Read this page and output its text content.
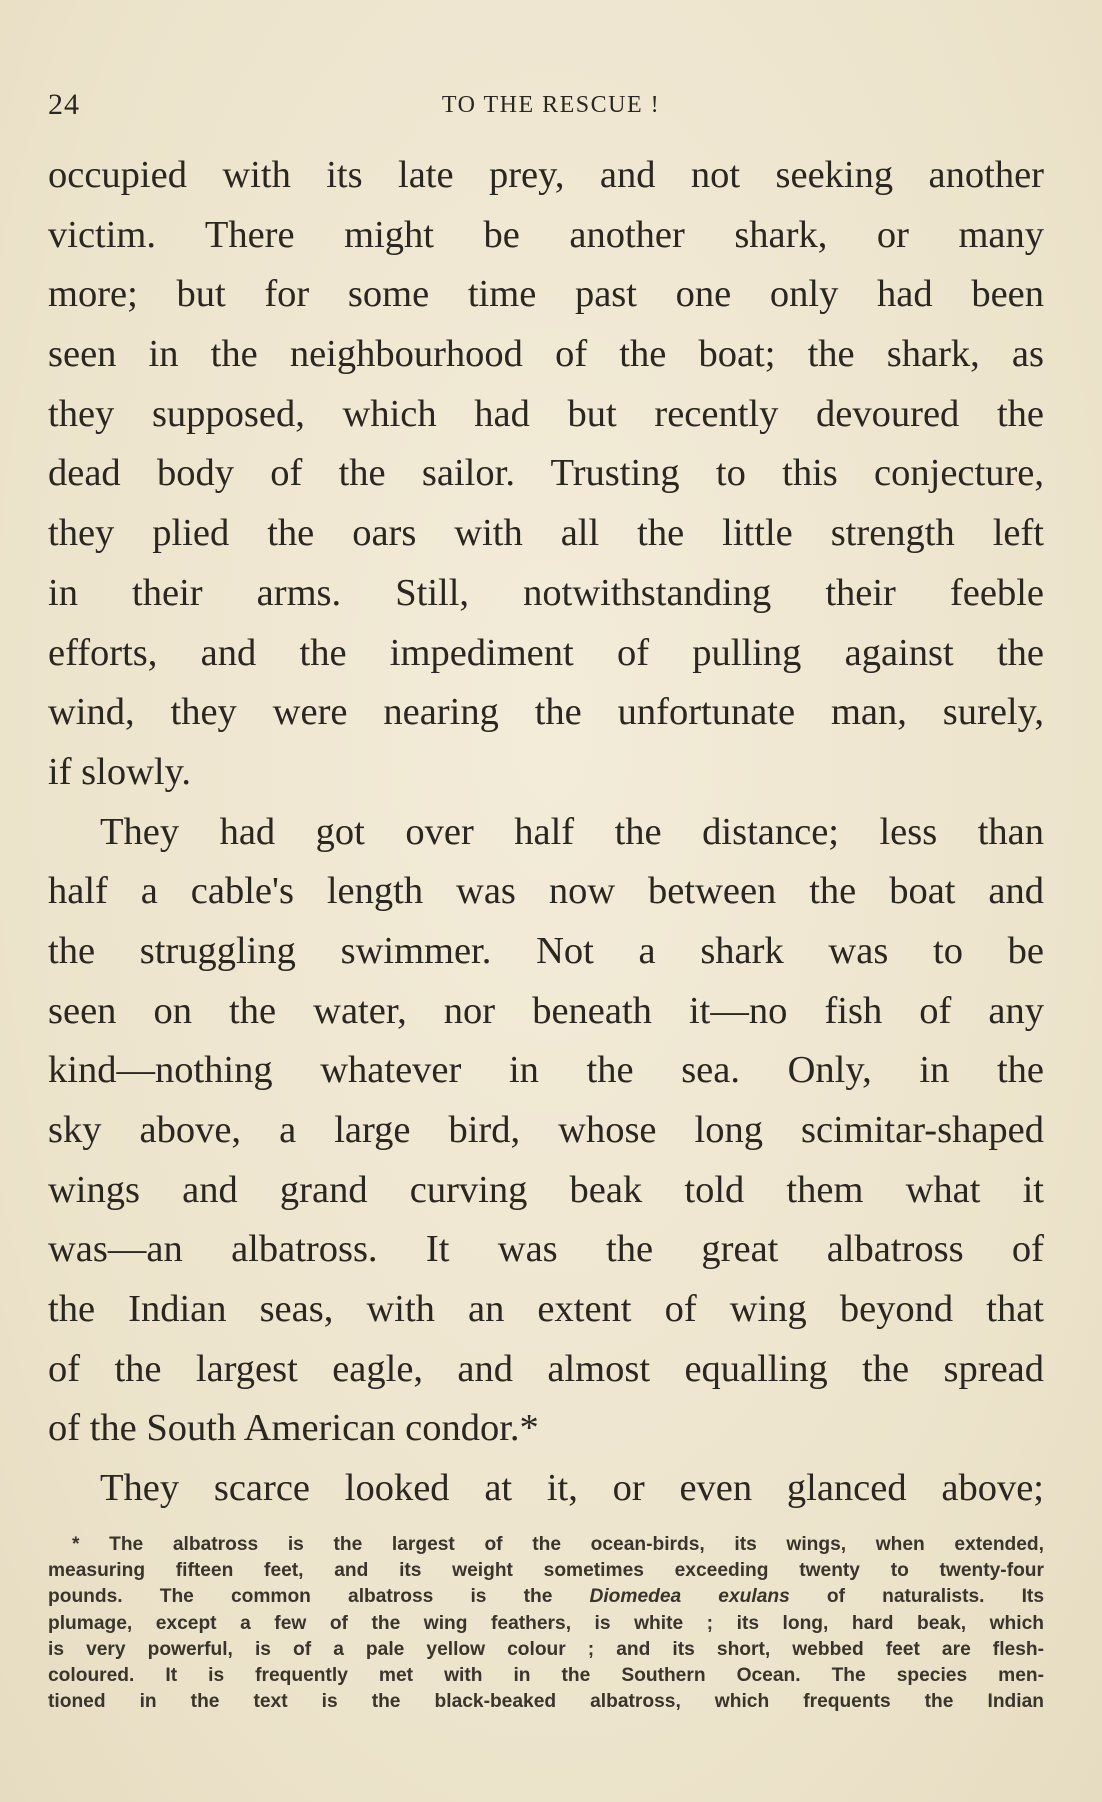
24	TO THE RESCUE !
occupied with its late prey, and not seeking another
victim. There might be another shark, or many
more; but for some time past one only had been
seen in the neighbourhood of the boat; the shark, as
they supposed, which had but recently devoured the
dead body of the sailor. Trusting to this conjecture,
they plied the oars with all the little strength left
in their arms. Still, notwithstanding their feeble
efforts, and the impediment of pulling against the
wind, they were nearing the unfortunate man, surely,
if slowly.
They had got over half the distance; less than
half a cable's length was now between the boat and
the struggling swimmer. Not a shark was to be
seen on the water, nor beneath it—no fish of any
kind—nothing whatever in the sea. Only, in the
sky above, a large bird, whose long scimitar-shaped
wings and grand curving beak told them what it
was—an albatross. It was the great albatross of
the Indian seas, with an extent of wing beyond that
of the largest eagle, and almost equalling the spread
of the South American condor.*
They scarce looked at it, or even glanced above;
* The albatross is the largest of the ocean-birds, its wings, when extended,
measuring fifteen feet, and its weight sometimes exceeding twenty to twenty-four
pounds. The common albatross is the Diomedea exulans of naturalists. Its
plumage, except a few of the wing feathers, is white ; its long, hard beak, which
is very powerful, is of a pale yellow colour ; and its short, webbed feet are flesh-
coloured. It is frequently met with in the Southern Ocean. The species men-
tioned in the text is the black-beaked albatross, which frequents the Indian
